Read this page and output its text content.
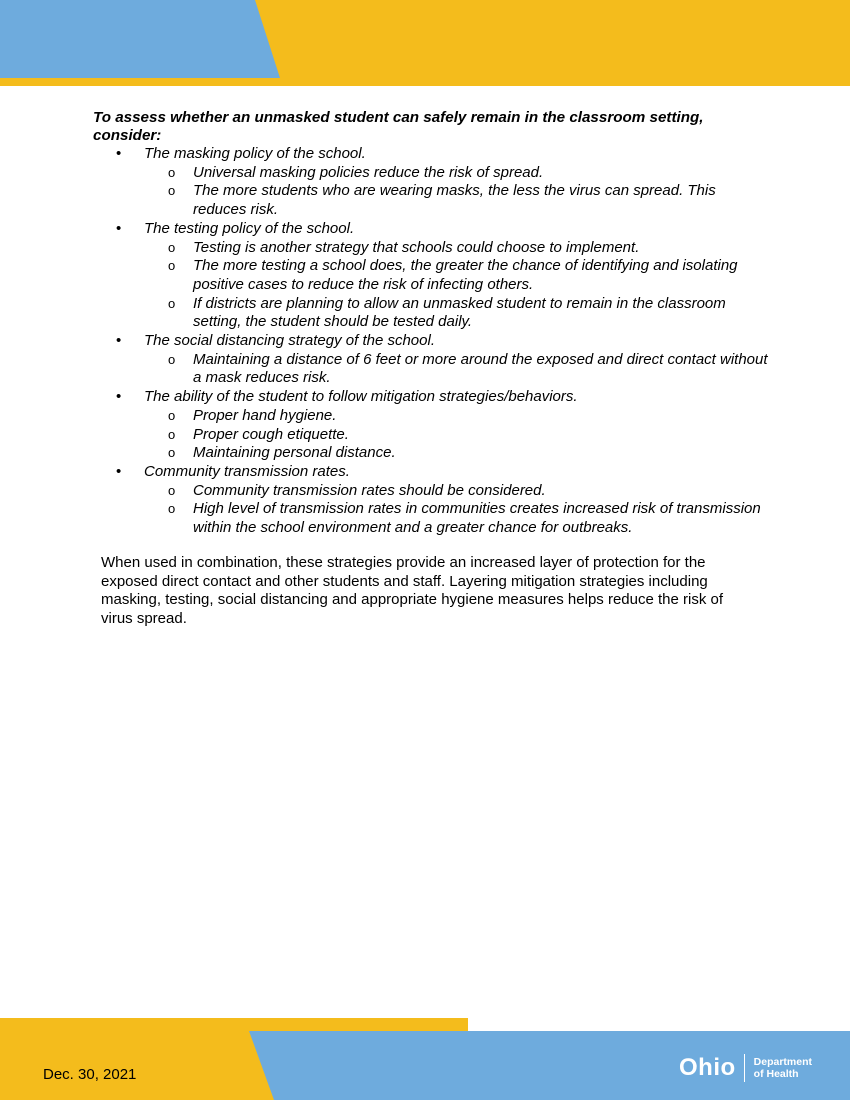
To assess whether an unmasked student can safely remain in the classroom setting, consider:
• The masking policy of the school.
o Universal masking policies reduce the risk of spread.
o The more students who are wearing masks, the less the virus can spread. This reduces risk.
• The testing policy of the school.
o Testing is another strategy that schools could choose to implement.
o The more testing a school does, the greater the chance of identifying and isolating positive cases to reduce the risk of infecting others.
o If districts are planning to allow an unmasked student to remain in the classroom setting, the student should be tested daily.
• The social distancing strategy of the school.
o Maintaining a distance of 6 feet or more around the exposed and direct contact without a mask reduces risk.
• The ability of the student to follow mitigation strategies/behaviors.
o Proper hand hygiene.
o Proper cough etiquette.
o Maintaining personal distance.
• Community transmission rates.
o Community transmission rates should be considered.
o High level of transmission rates in communities creates increased risk of transmission within the school environment and a greater chance for outbreaks.
When used in combination, these strategies provide an increased layer of protection for the exposed direct contact and other students and staff. Layering mitigation strategies including masking, testing, social distancing and appropriate hygiene measures helps reduce the risk of virus spread.
Dec. 30, 2021	Ohio Department
of Health
